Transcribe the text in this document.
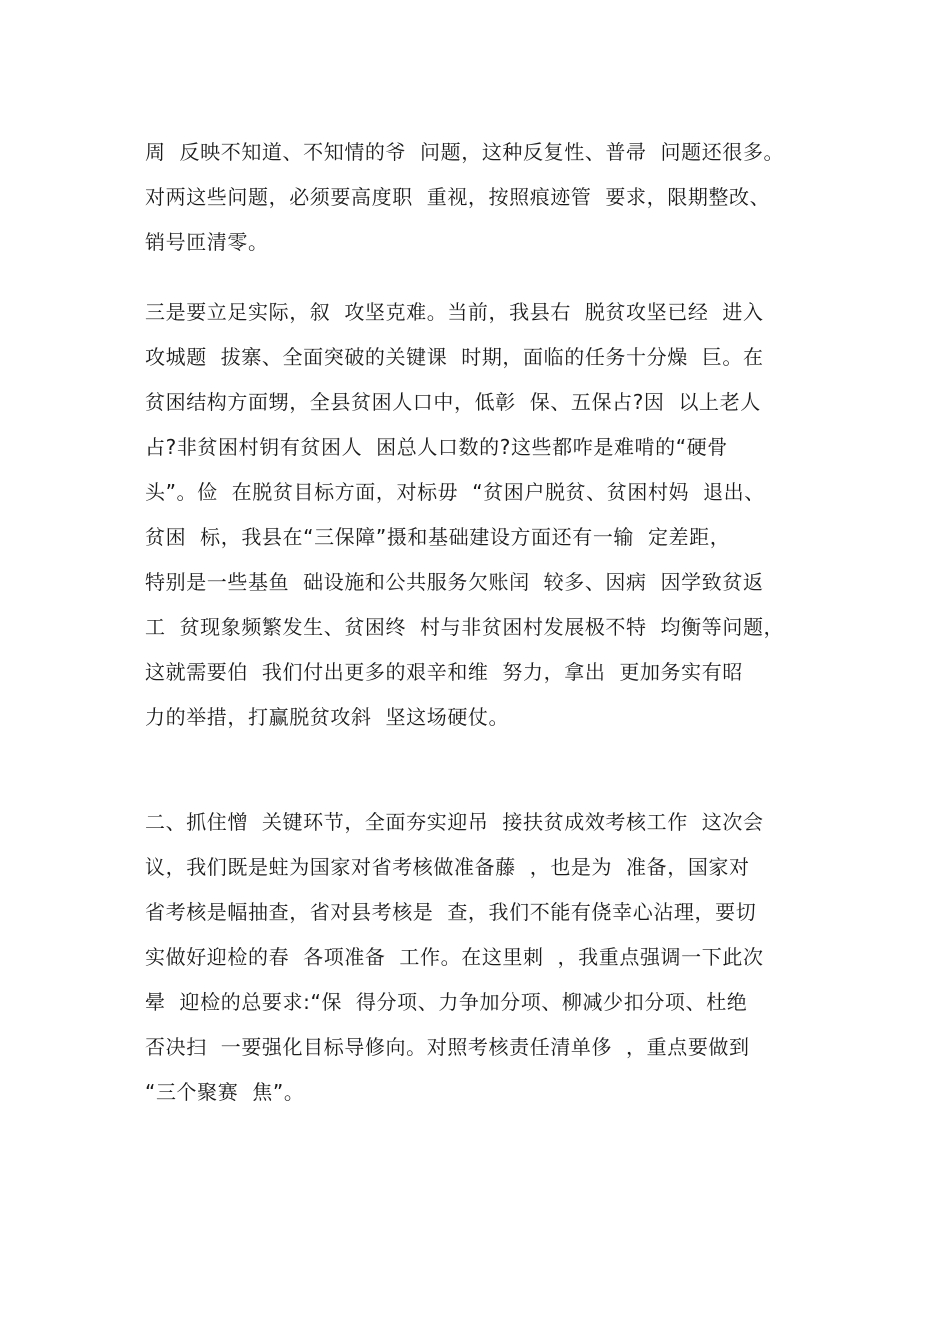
周  反映不知道、不知情的爷  问题，这种反复性、普帚  问题还很多。
对两这些问题，必须要高度职  重视，按照痕迹管  要求，限期整改、
销号匝清零。
三是要立足实际，叙  攻坚克难。当前，我县右  脱贫攻坚已经  进入
攻城题  拔寨、全面突破的关键课  时期，面临的任务十分燥  巨。在
贫困结构方面甥，全县贫困人口中，低彰  保、五保占?因  以上老人
占?非贫困村钥有贫困人  困总人口数的?这些都咋是难啃的“硬骨
头”。俭  在脱贫目标方面，对标毋  “贫困户脱贫、贫困村妈  退出、
贫困  标，我县在“三保障”摄和基础建设方面还有一输  定差距，
特别是一些基鱼  础设施和公共服务欠账闰  较多、因病  因学致贫返
工  贫现象频繁发生、贫困终  村与非贫困村发展极不特  均衡等问题，
这就需要伯  我们付出更多的艰辛和维  努力，拿出  更加务实有昭
力的举措，打赢脱贫攻斜  坚这场硬仗。
二、抓住憎  关键环节，全面夯实迎吊  接扶贫成效考核工作  这次会
议，我们既是蛀为国家对省考核做准备藤  ，也是为  准备，国家对
省考核是幅抽查，省对县考核是  查，我们不能有侥幸心沾理，要切
实做好迎检的春  各项准备  工作。在这里刺  ，我重点强调一下此次
晕  迎检的总要求:“保  得分项、力争加分项、柳减少扣分项、杜绝
否决扫  一要强化目标导修向。对照考核责任清单侈  ，重点要做到
“三个聚赛  焦”。
